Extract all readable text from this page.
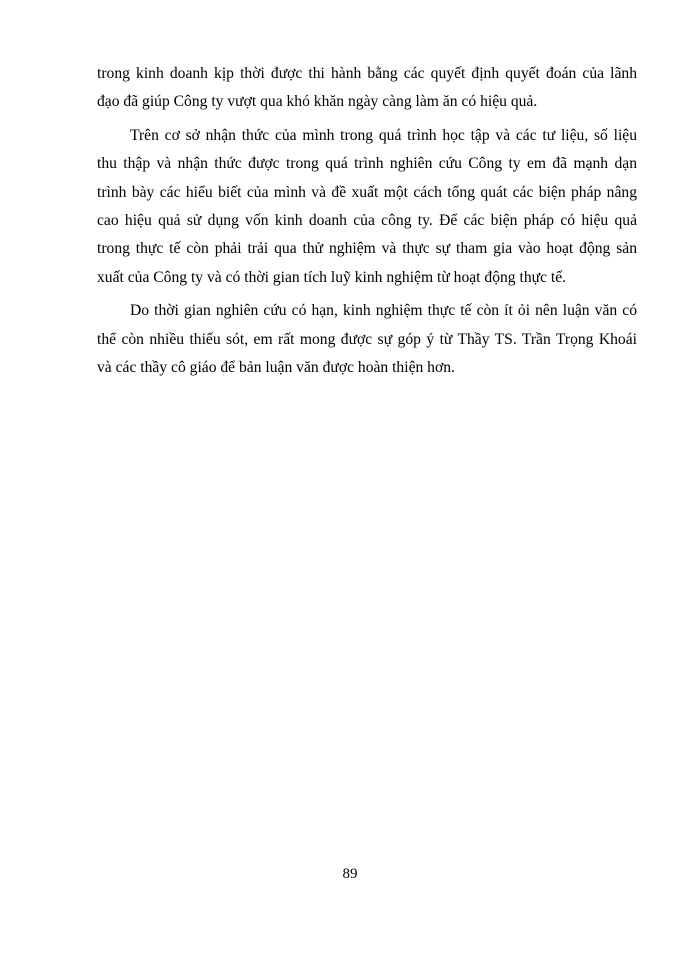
trong kinh doanh kịp thời được thi hành bằng các quyết định quyết đoán của lãnh
đạo đã giúp Công ty vượt qua khó khăn ngày càng làm ăn có hiệu quả.
Trên cơ sở nhận thức của mình trong quá trình học tập và các tư liệu, số liệu
thu thập và nhận thức được trong quá trình nghiên cứu Công ty em đã mạnh dạn
trình bày các hiểu biết của mình và đề xuất một cách tổng quát các biện pháp nâng
cao hiệu quả sử dụng vốn kinh doanh của công ty. Để các biện pháp có hiệu quả
trong thực tế còn phải trải qua thử nghiệm và thực sự tham gia vào hoạt động sản
xuất của Công ty và có thời gian tích luỹ kinh nghiệm từ hoạt động thực tế.
Do thời gian nghiên cứu có hạn, kinh nghiệm thực tế còn ít ỏi nên luận văn có
thể còn nhiều thiếu sót, em rất mong được sự góp ý từ Thầy TS. Trần Trọng Khoái
và các thầy cô giáo để bản luận văn được hoàn thiện hơn.
89
